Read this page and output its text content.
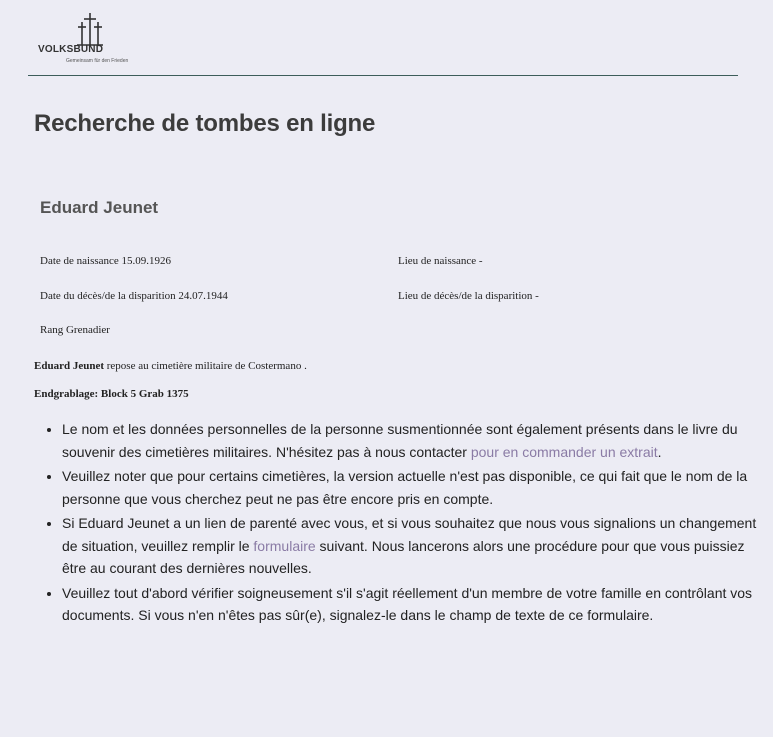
VOLKSBUND
Gemeinsam für den Frieden
Recherche de tombes en ligne
Eduard Jeunet
Date de naissance 15.09.1926	Lieu de naissance -
Date du décès/de la disparition 24.07.1944	Lieu de décès/de la disparition -
Rang Grenadier
Eduard Jeunet repose au cimetière militaire de Costermano .
Endgrablage: Block 5 Grab 1375
• Le nom et les données personnelles de la personne susmentionnée sont également présents dans le livre du souvenir des cimetières militaires. N'hésitez pas à nous contacter pour en commander un extrait.
• Veuillez noter que pour certains cimetières, la version actuelle n'est pas disponible, ce qui fait que le nom de la personne que vous cherchez peut ne pas être encore pris en compte.
• Si Eduard Jeunet a un lien de parenté avec vous, et si vous souhaitez que nous vous signalions un changement de situation, veuillez remplir le formulaire suivant. Nous lancerons alors une procédure pour que vous puissiez être au courant des dernières nouvelles.
• Veuillez tout d'abord vérifier soigneusement s'il s'agit réellement d'un membre de votre famille en contrôlant vos documents. Si vous n'en n'êtes pas sûr(e), signalez-le dans le champ de texte de ce formulaire.
